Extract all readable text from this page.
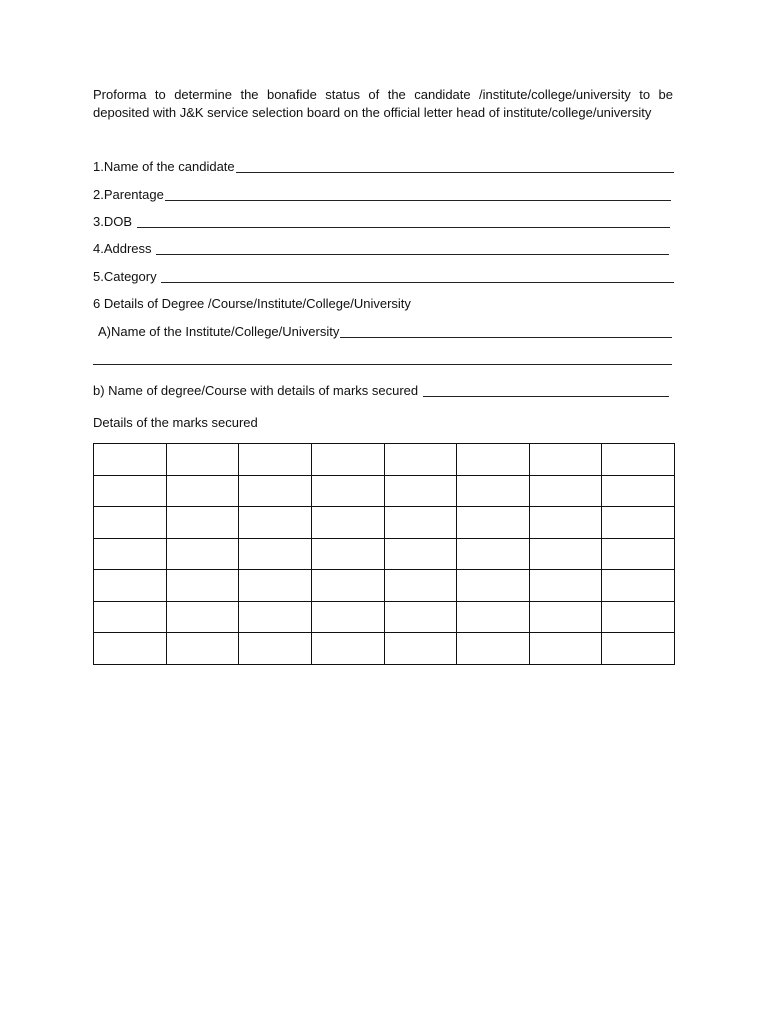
Proforma to determine the bonafide status of the candidate /institute/college/university to be deposited with J&K service selection board on the official letter head of institute/college/university

1.Name of the candidate
2.Parentage
3.DOB
4.Address
5.Category
6 Details of Degree /Course/Institute/College/University
A)Name of the Institute/College/University
b) Name of degree/Course with details of marks secured
Details of the marks secured
